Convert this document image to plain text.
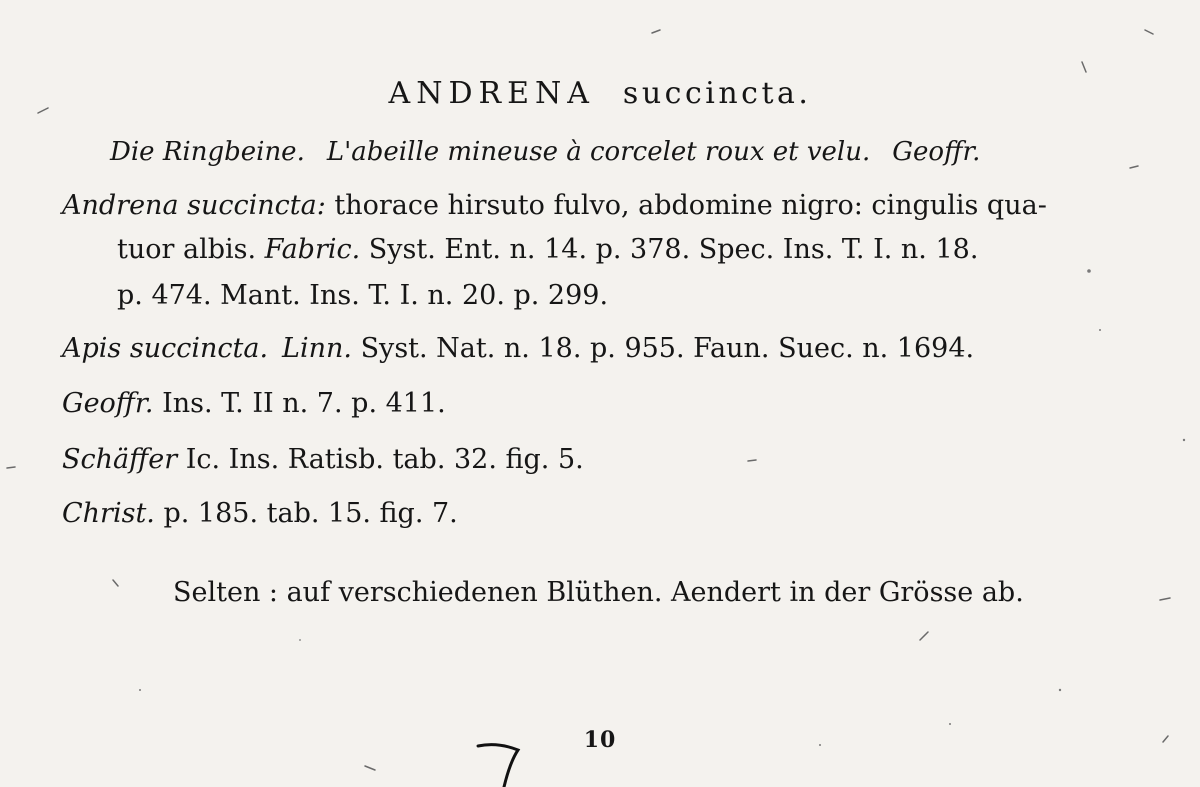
ANDRENA succincta.
Die Ringbeine. L'abeille mineuse à corcelet roux et velu. Geoffr.
Andrena succincta: thorace hirsuto fulvo, abdomine nigro: cingulis qua-
tuor albis. Fabric. Syst. Ent. n. 14. p. 378. Spec. Ins. T. I. n. 18.
p. 474. Mant. Ins. T. I. n. 20. p. 299.
Apis succincta. Linn. Syst. Nat. n. 18. p. 955. Faun. Suec. n. 1694.
Geoffr. Ins. T. II n. 7. p. 411.
Schäffer Ic. Ins. Ratisb. tab. 32. fig. 5.
Christ. p. 185. tab. 15. fig. 7.
Selten : auf verschiedenen Blüthen. Aendert in der Grösse ab.
10
